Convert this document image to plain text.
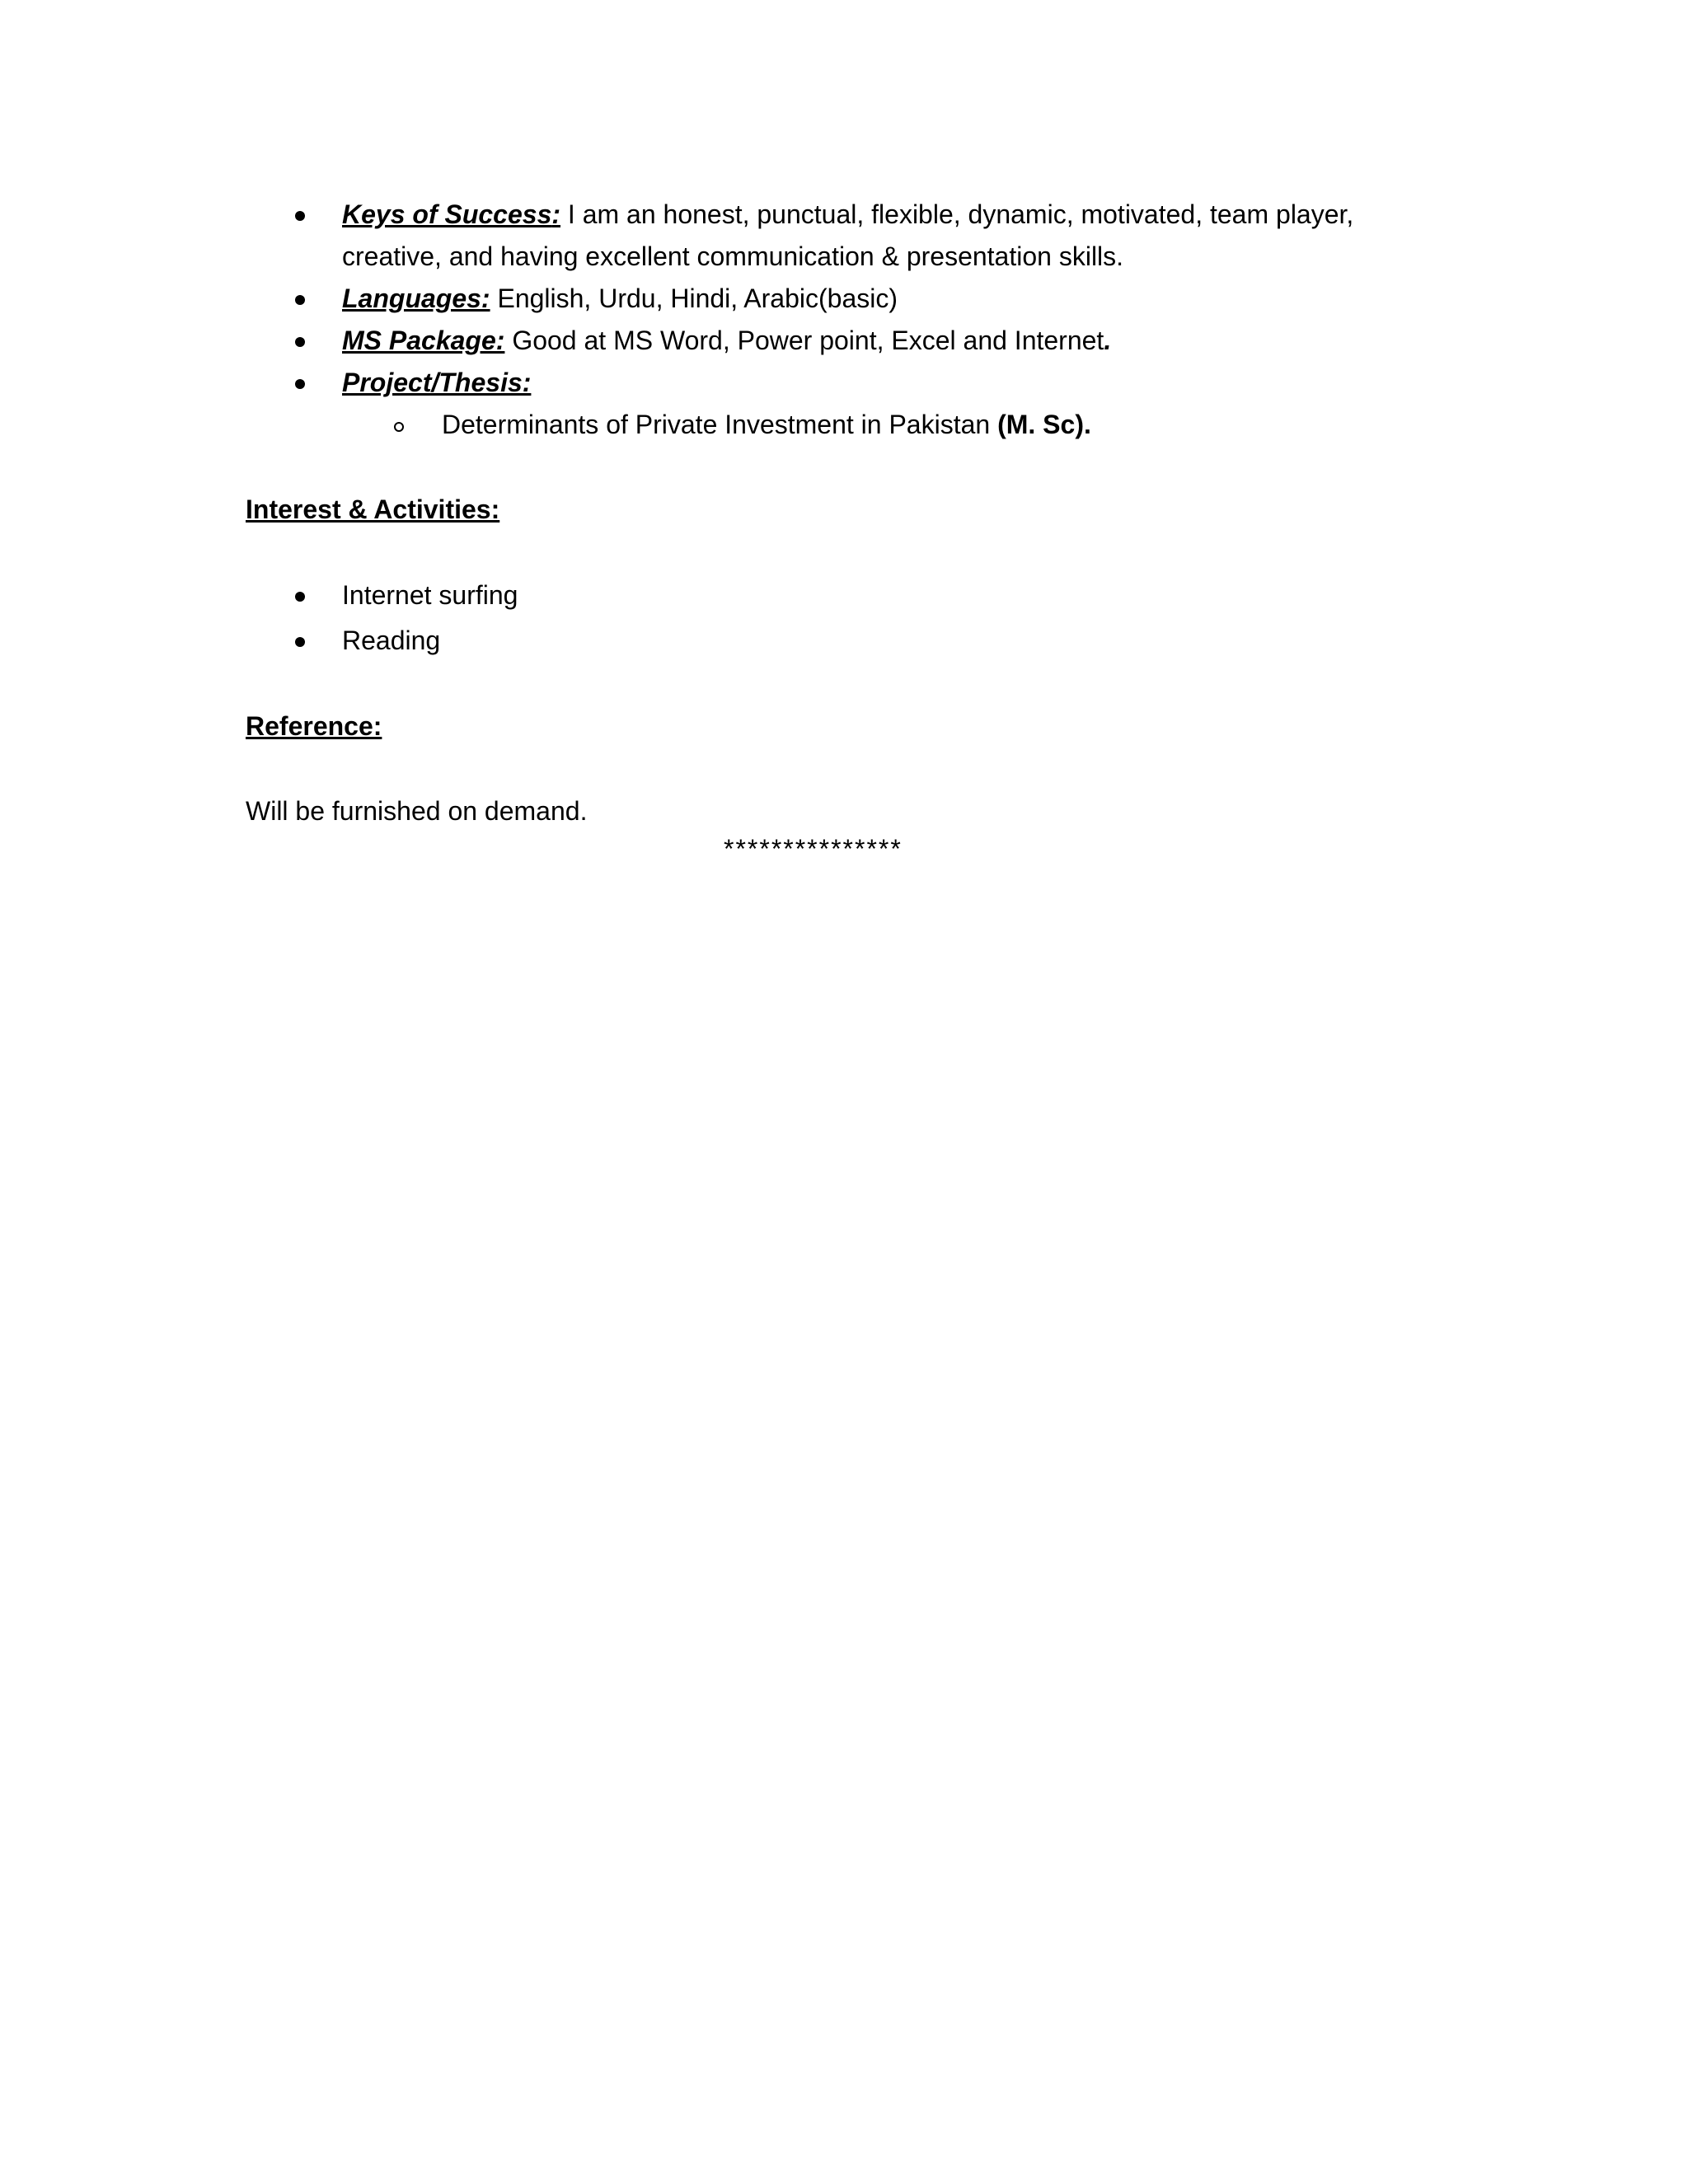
Keys of Success: I am an honest, punctual, flexible, dynamic, motivated, team player,
creative, and having excellent communication & presentation skills.
Languages: English, Urdu, Hindi, Arabic(basic)
MS Package: Good at MS Word, Power point, Excel and Internet.
Project/Thesis:
Determinants of Private Investment in Pakistan (M. Sc).
Interest & Activities:
Internet surfing
Reading
Reference:
Will be furnished on demand.
***************
